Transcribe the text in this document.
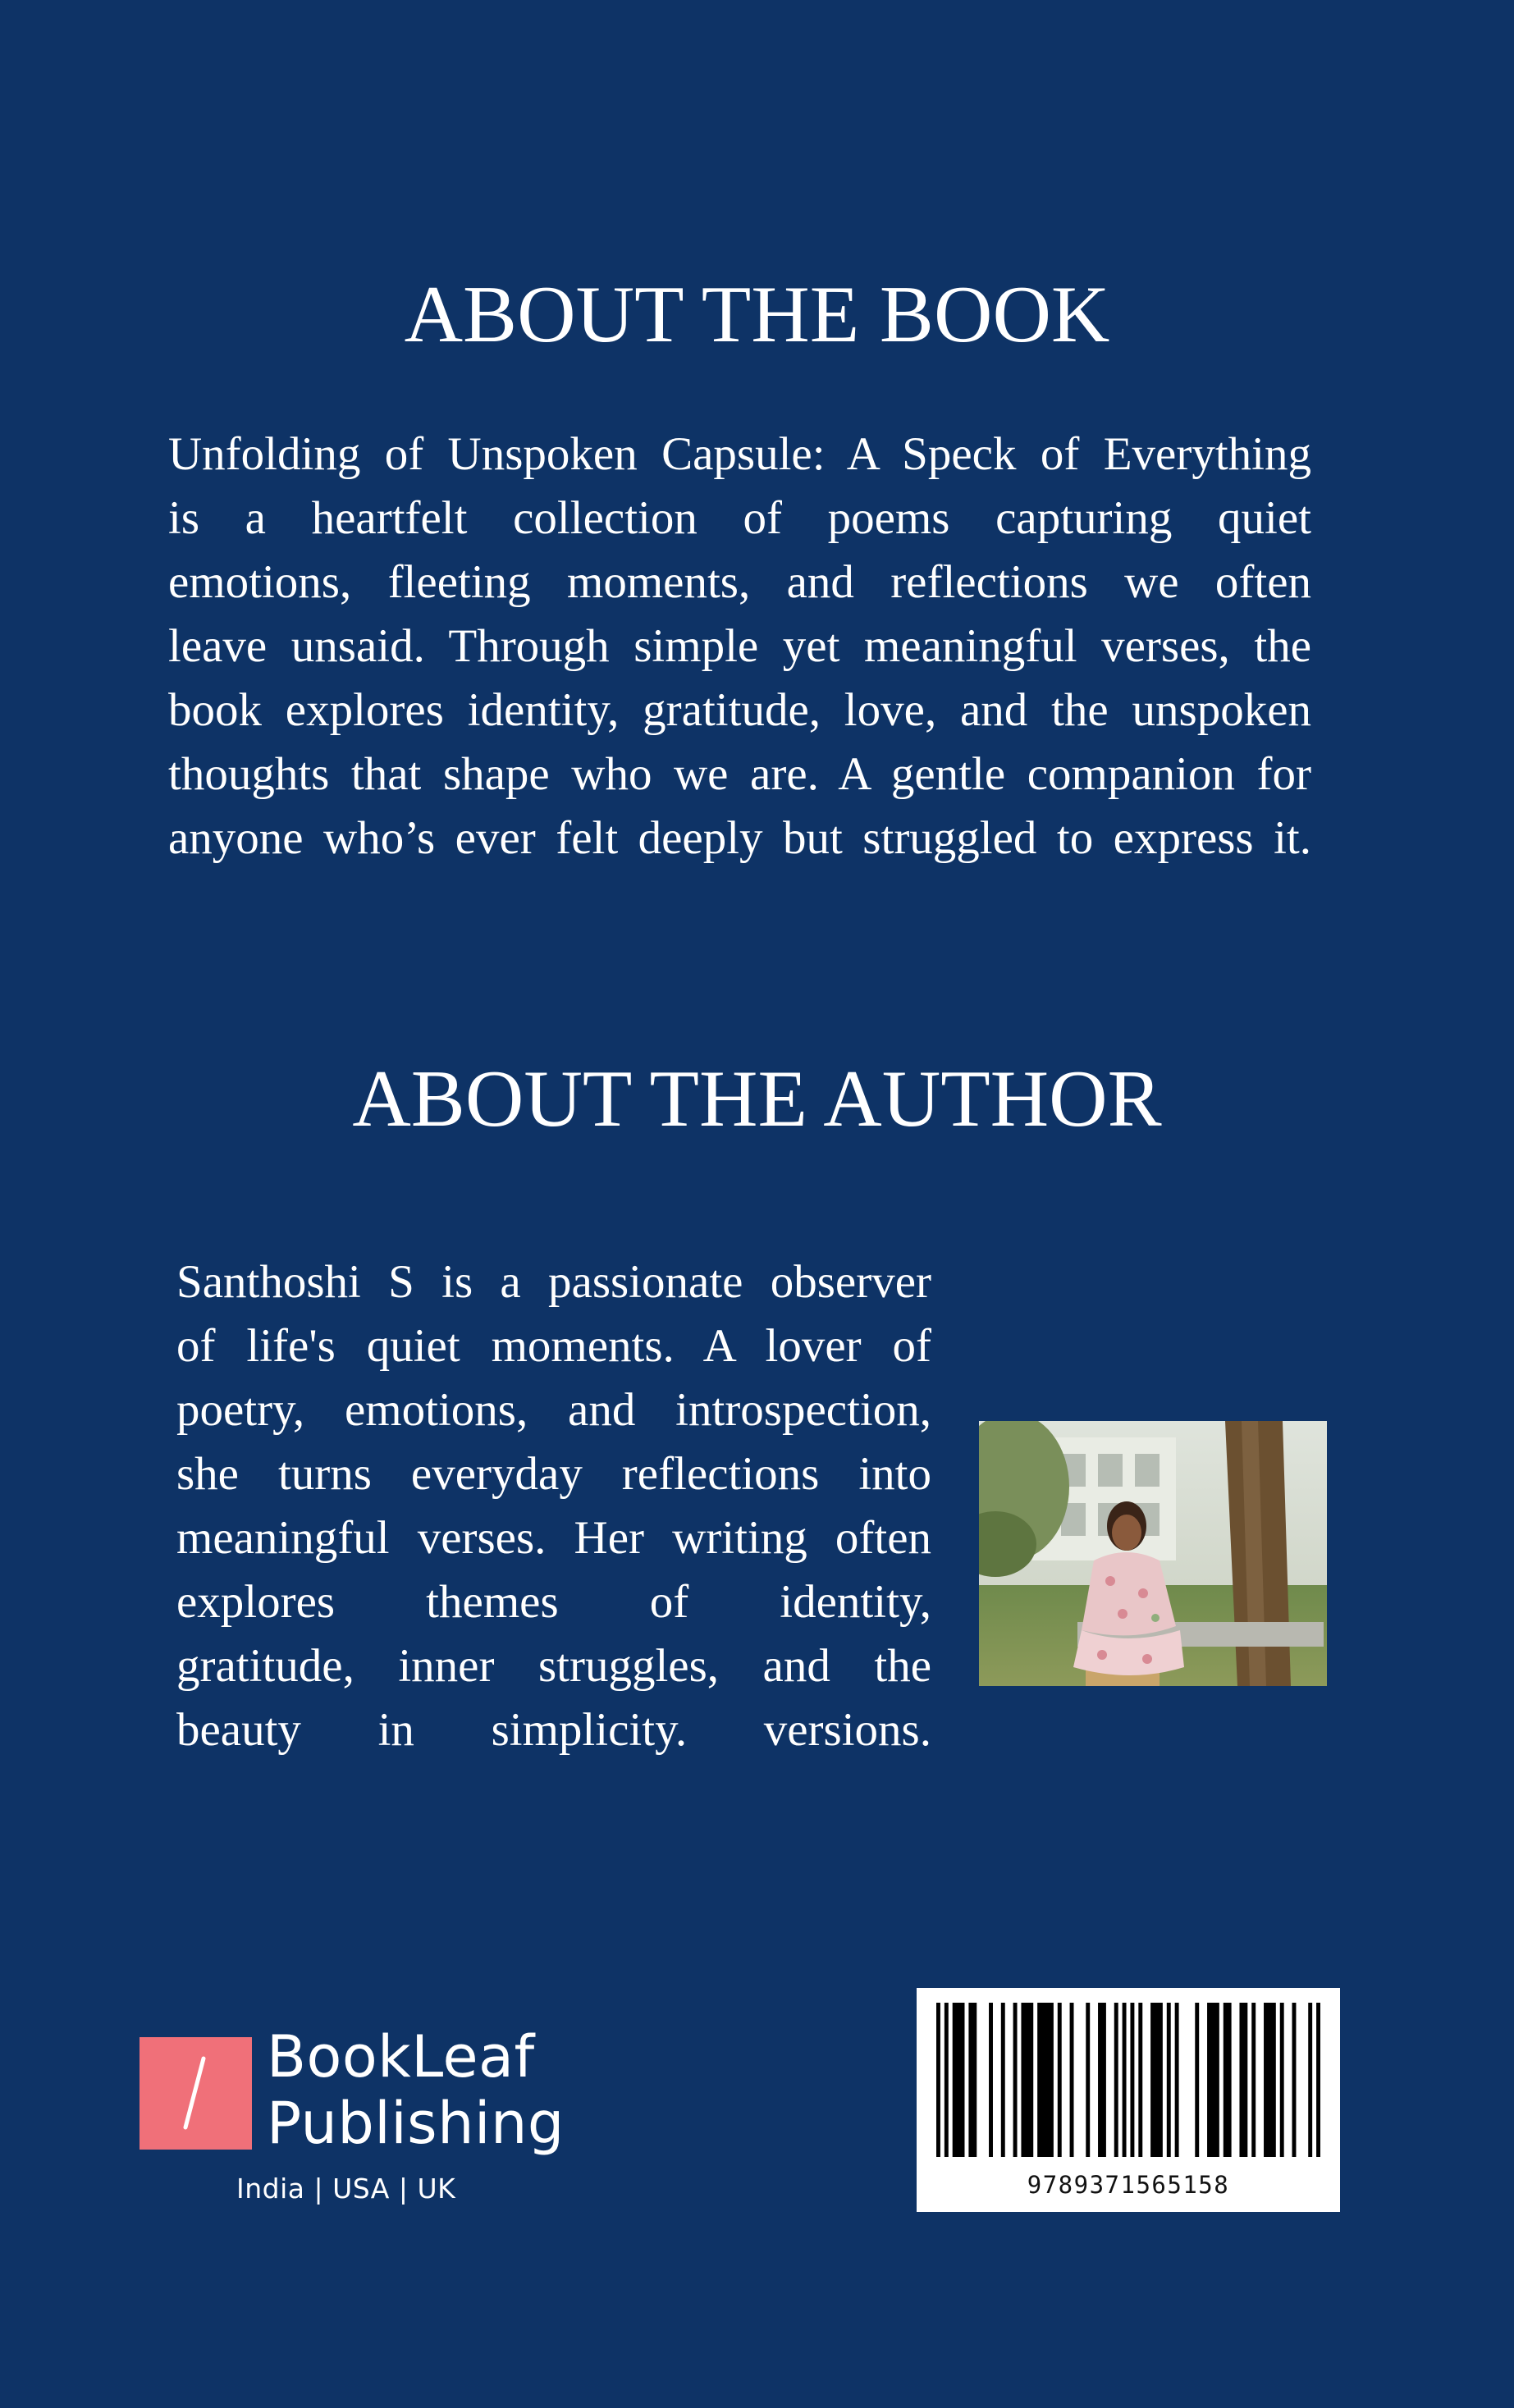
ABOUT THE BOOK
Unfolding of Unspoken Capsule: A Speck of Everything
is a heartfelt collection of poems capturing quiet
emotions, fleeting moments, and reflections we often
leave unsaid. Through simple yet meaningful verses, the
book explores identity, gratitude, love, and the unspoken
thoughts that shape who we are. A gentle companion for
anyone who’s ever felt deeply but struggled to express it.
ABOUT THE AUTHOR
Santhoshi S is a passionate observer
of life's quiet moments. A lover of
poetry, emotions, and introspection,
she turns everyday reflections into
meaningful verses. Her writing often
explores themes of identity,
gratitude, inner struggles, and the
beauty in simplicity. versions.
BookLeaf
Publishing
India | USA | UK	9789371565158
